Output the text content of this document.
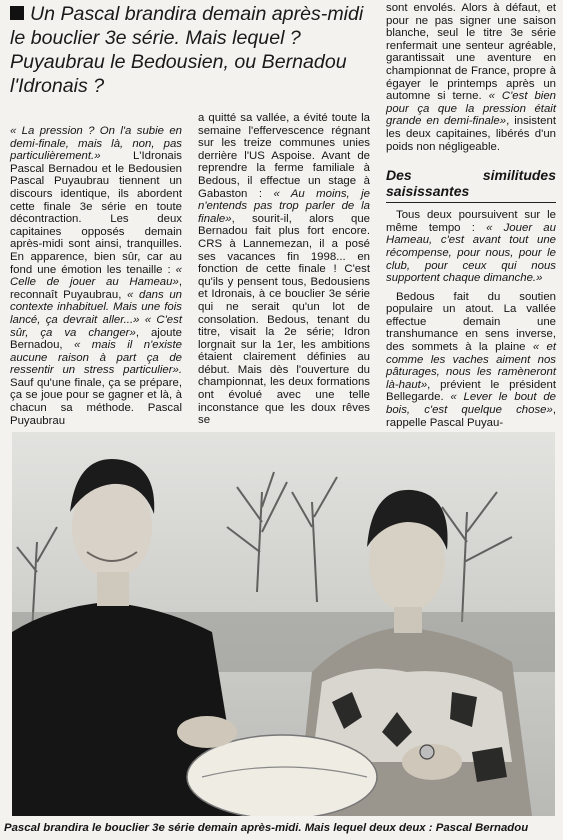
Un Pascal brandira demain après-midi le bouclier 3e série. Mais lequel ? Puyaubrau le Bedousien, ou Bernadou l'Idronais ?

« La pression ? On l'a subie en demi-finale, mais là, non, pas particulièrement.»	L'Idronais Pascal Bernadou et le Bedousien Pascal Puyaubrau tiennent un discours identique, ils abordent cette finale 3e série en toute décontraction. Les deux capitaines opposés demain après-midi sont ainsi, tranquilles. En apparence, bien sûr, car au fond une émotion les tenaille : « Celle de jouer au Hameau», reconnaît Puyaubrau, « dans un contexte inhabituel. Mais une fois lancé, ça devrait aller...» « C'est sûr, ça va changer», ajoute Bernadou, « mais il n'existe aucune raison à part ça de ressentir un stress particulier». Sauf qu'une finale, ça se prépare, ça se joue pour se gagner et là, à chacun sa méthode. Pascal Puyaubrau

a quitté sa vallée, a évité toute la semaine l'effervescence régnant sur les treize communes unies derrière l'US Aspoise. Avant de reprendre la ferme familiale à Bedous, il effectue un stage à Gabaston : « Au moins, je n'entends pas trop parler de la finale», sourit-il, alors que Bernadou fait plus fort encore. CRS à Lannemezan, il a posé ses vacances fin 1998... en fonction de cette finale ! C'est qu'ils y pensent tous, Bedousiens et Idronais, à ce bouclier 3e série qui ne serait qu'un lot de consolation. Bedous, tenant du titre, visait la 2e série; Idron lorgnait sur la 1er, les ambitions étaient clairement définies au début. Mais dès l'ouverture du championnat, les deux formations ont évolué avec une telle inconstance que les doux rêves se

sont envolés. Alors à défaut, et pour ne pas signer une saison blanche, seul le titre 3e série renfermait une senteur agréable, garantissait une aventure en championnat de France, propre à égayer le printemps après un automne si terne. « C'est bien pour ça que la pression était grande en demi-finale», insistent les deux capitaines, libérés d'un poids non négligeable.

Des similitudes saisissantes

Tous deux poursuivent sur le même tempo : « Jouer au Hameau, c'est avant tout une récompense, pour nous, pour le club, pour ceux qui nous supportent chaque dimanche.»

Bedous fait du soutien populaire un atout. La vallée effectue demain une transhumance en sens inverse, des sommets à la plaine « et comme les vaches aiment nos pâturages, nous les ramèneront là-haut», prévient le président Bellegarde. « Lever le bout de bois, c'est quelque chose», rappelle Pascal Puyau-

Pascal brandira le bouclier 3e série demain après-midi. Mais lequel deux deux : Pascal Bernadou
